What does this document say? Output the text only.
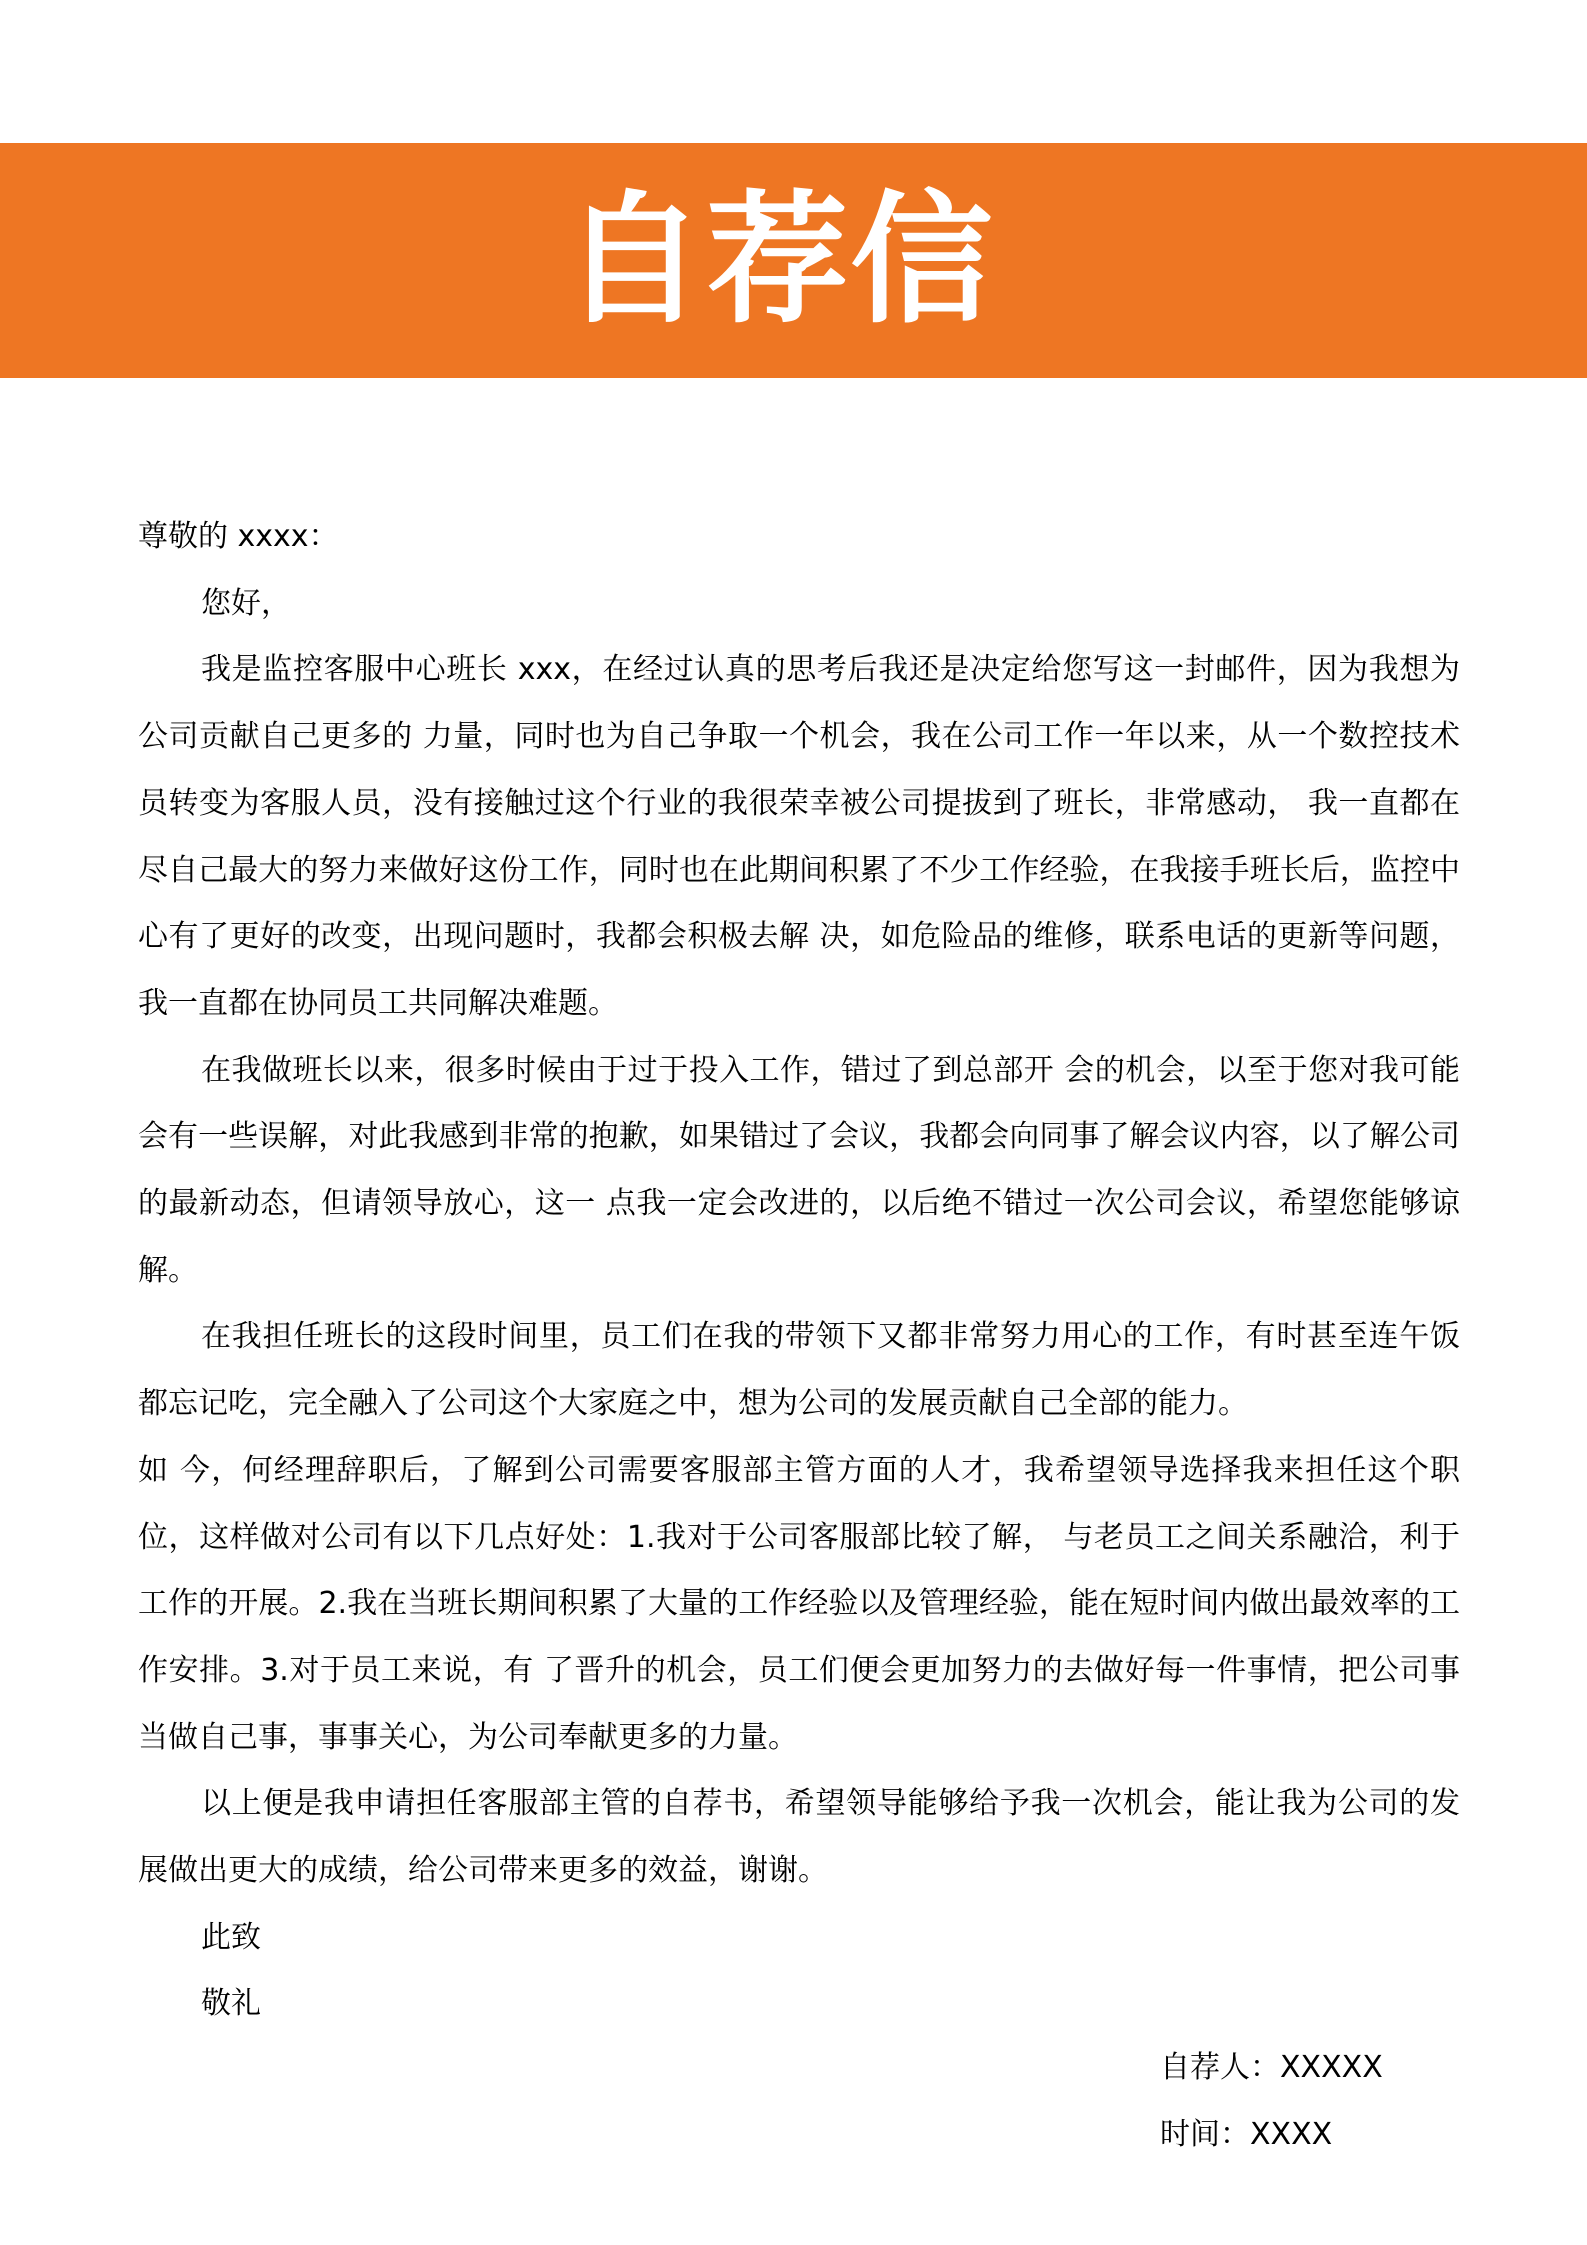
自荐信

尊敬的 xxxx：

您好，

我是监控客服中心班长 xxx，在经过认真的思考后我还是决定给您写这一封邮件，因为我想为公司贡献自己更多的 力量，同时也为自己争取一个机会，我在公司工作一年以来，从一个数控技术员转变为客服人员，没有接触过这个行业的我很荣幸被公司提拔到了班长，非常感动， 我一直都在尽自己最大的努力来做好这份工作，同时也在此期间积累了不少工作经验，在我接手班长后，监控中心有了更好的改变，出现问题时，我都会积极去解 决，如危险品的维修，联系电话的更新等问题，我一直都在协同员工共同解决难题。

在我做班长以来，很多时候由于过于投入工作，错过了到总部开 会的机会，以至于您对我可能会有一些误解，对此我感到非常的抱歉，如果错过了会议，我都会向同事了解会议内容，以了解公司的最新动态，但请领导放心，这一 点我一定会改进的，以后绝不错过一次公司会议，希望您能够谅解。

在我担任班长的这段时间里，员工们在我的带领下又都非常努力用心的工作，有时甚至连午饭都忘记吃，完全融入了公司这个大家庭之中，想为公司的发展贡献自己全部的能力。

如 今，何经理辞职后，了解到公司需要客服部主管方面的人才，我希望领导选择我来担任这个职位，这样做对公司有以下几点好处：1.我对于公司客服部比较了解， 与老员工之间关系融洽，利于工作的开展。2.我在当班长期间积累了大量的工作经验以及管理经验，能在短时间内做出最效率的工作安排。3.对于员工来说，有 了晋升的机会，员工们便会更加努力的去做好每一件事情，把公司事当做自己事，事事关心，为公司奉献更多的力量。

以上便是我申请担任客服部主管的自荐书，希望领导能够给予我一次机会，能让我为公司的发展做出更大的成绩，给公司带来更多的效益，谢谢。

此致

敬礼

自荐人：XXXXX

时间：XXXX
